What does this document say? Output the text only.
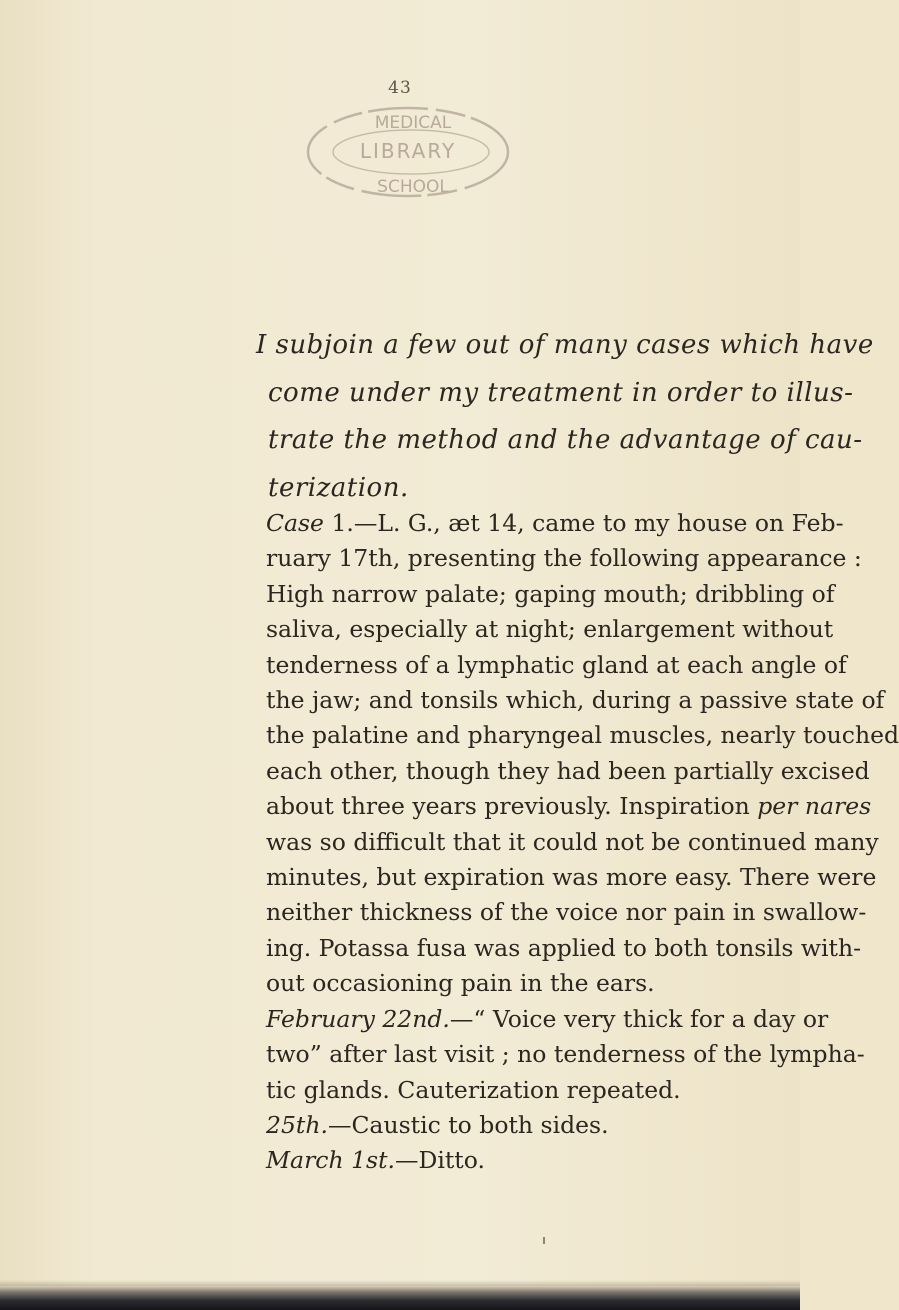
43
MEDICAL
LIBRARY
SCHOOL
I subjoin a few out of many cases which have
come under my treatment in order to illus-
trate the method and the advantage of cau-
terization.
Case 1.—L. G., æt 14, came to my house on Feb-
ruary 17th, presenting the following appearance :
High narrow palate; gaping mouth; dribbling of
saliva, especially at night; enlargement without
tenderness of a lymphatic gland at each angle of
the jaw; and tonsils which, during a passive state of
the palatine and pharyngeal muscles, nearly touched
each other, though they had been partially excised
about three years previously. Inspiration per nares
was so difficult that it could not be continued many
minutes, but expiration was more easy. There were
neither thickness of the voice nor pain in swallow-
ing. Potassa fusa was applied to both tonsils with-
out occasioning pain in the ears.
February 22nd.—“ Voice very thick for a day or
two” after last visit ; no tenderness of the lympha-
tic glands. Cauterization repeated.
25th.—Caustic to both sides.
March 1st.—Ditto.
